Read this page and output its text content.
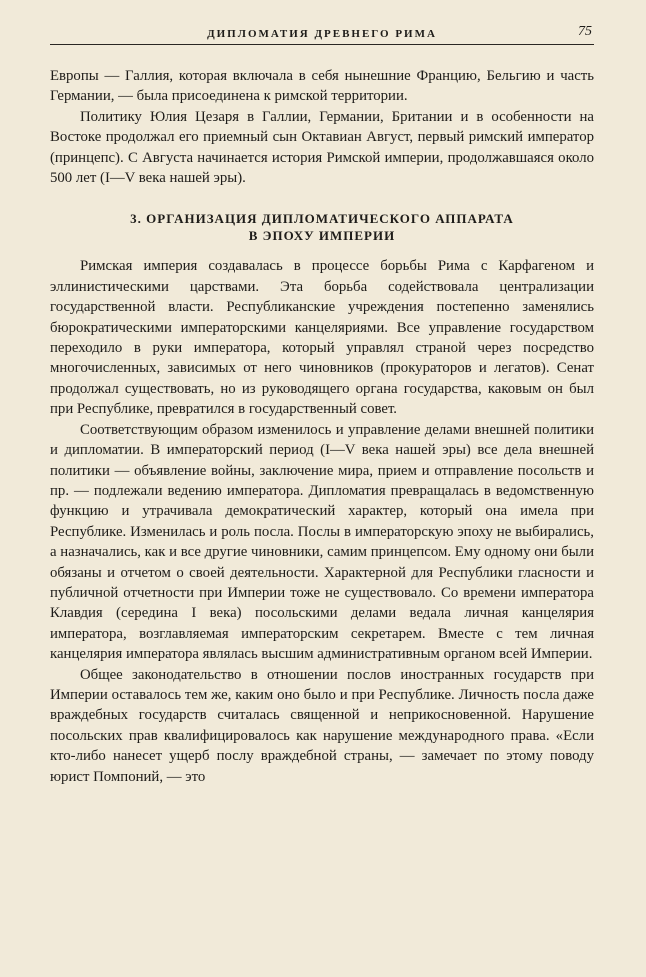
ДИПЛОМАТИЯ ДРЕВНЕГО РИМА	75

Европы — Галлия, которая включала в себя нынешние Францию, Бельгию и часть Германии, — была присоединена к римской территории.

Политику Юлия Цезаря в Галлии, Германии, Британии и в особенности на Востоке продолжал его приемный сын Октавиан Август, первый римский император (принцепс). С Августа начинается история Римской империи, продолжавшаяся около 500 лет (I—V века нашей эры).

3. ОРГАНИЗАЦИЯ ДИПЛОМАТИЧЕСКОГО АППАРАТА
В ЭПОХУ ИМПЕРИИ

Римская империя создавалась в процессе борьбы Рима с Карфагеном и эллинистическими царствами. Эта борьба содействовала централизации государственной власти. Республиканские учреждения постепенно заменялись бюрократическими императорскими канцеляриями. Все управление государством переходило в руки императора, который управлял страной через посредство многочисленных, зависимых от него чиновников (прокураторов и легатов). Сенат продолжал существовать, но из руководящего органа государства, каковым он был при Республике, превратился в государственный совет.

Соответствующим образом изменилось и управление делами внешней политики и дипломатии. В императорский период (I—V века нашей эры) все дела внешней политики — объявление войны, заключение мира, прием и отправление посольств и пр. — подлежали ведению императора. Дипломатия превращалась в ведомственную функцию и утрачивала демократический характер, который она имела при Республике. Изменилась и роль посла. Послы в императорскую эпоху не выбирались, а назначались, как и все другие чиновники, самим принцепсом. Ему одному они были обязаны и отчетом о своей деятельности. Характерной для Республики гласности и публичной отчетности при Империи тоже не существовало. Со времени императора Клавдия (середина I века) посольскими делами ведала личная канцелярия императора, возглавляемая императорским секретарем. Вместе с тем личная канцелярия императора являлась высшим административным органом всей Империи.

Общее законодательство в отношении послов иностранных государств при Империи оставалось тем же, каким оно было и при Республике. Личность посла даже враждебных государств считалась священной и неприкосновенной. Нарушение посольских прав квалифицировалось как нарушение международного права. «Если кто-либо нанесет ущерб послу враждебной страны, — замечает по этому поводу юрист Помпоний, — это
